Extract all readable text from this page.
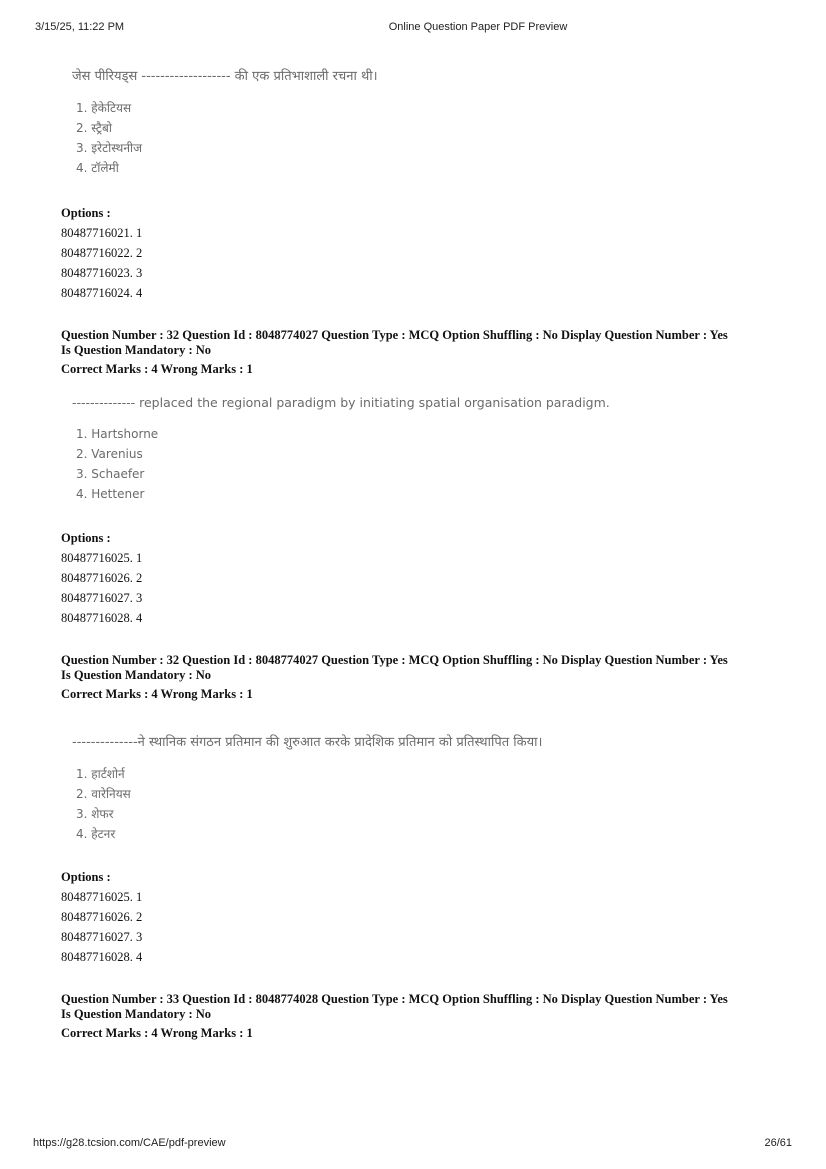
3/15/25, 11:22 PM	Online Question Paper PDF Preview
जेस पीरियड्स ------------------- की एक प्रतिभाशाली रचना थी।
1. हेकेटियस
2. स्ट्रैबो
3. इरेटोस्थनीज
4. टॉलेमी
Options :
80487716021. 1
80487716022. 2
80487716023. 3
80487716024. 4
Question Number : 32 Question Id : 8048774027 Question Type : MCQ Option Shuffling : No Display Question Number : Yes
Is Question Mandatory : No
Correct Marks : 4 Wrong Marks : 1
-------------- replaced the regional paradigm by initiating spatial organisation paradigm.
1. Hartshorne
2. Varenius
3. Schaefer
4. Hettener
Options :
80487716025. 1
80487716026. 2
80487716027. 3
80487716028. 4
Question Number : 32 Question Id : 8048774027 Question Type : MCQ Option Shuffling : No Display Question Number : Yes
Is Question Mandatory : No
Correct Marks : 4 Wrong Marks : 1
--------------ने स्थानिक संगठन प्रतिमान की शुरुआत करके प्रादेशिक प्रतिमान को प्रतिस्थापित किया।
1. हार्टशोर्न
2. वारेनियस
3. शेफर
4. हेटनर
Options :
80487716025. 1
80487716026. 2
80487716027. 3
80487716028. 4
Question Number : 33 Question Id : 8048774028 Question Type : MCQ Option Shuffling : No Display Question Number : Yes
Is Question Mandatory : No
Correct Marks : 4 Wrong Marks : 1
https://g28.tcsion.com/CAE/pdf-preview	26/61
